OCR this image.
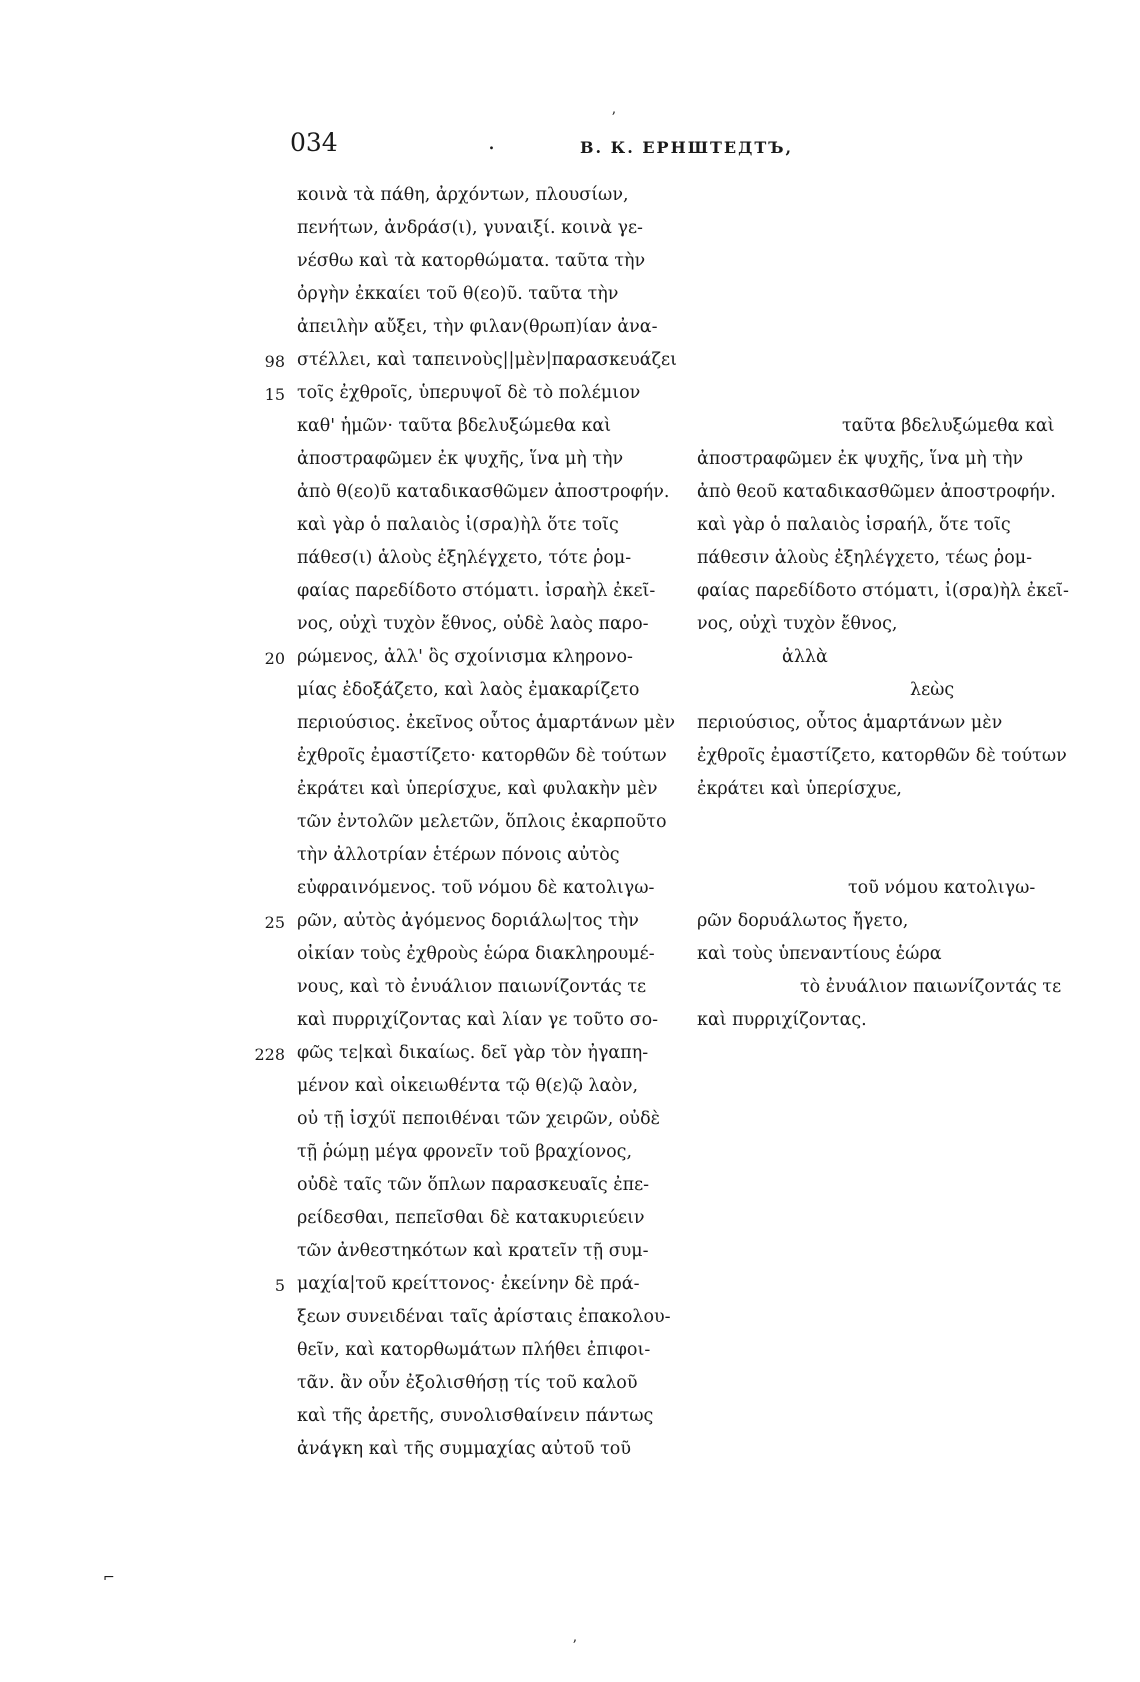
034	.	В. К. ЕРНШТЕДТЪ,
κοινὰ τὰ πάθη, ἀρχόντων, πλουσίων,
πενήτων, ἀνδράσ(ι), γυναιξί. κοινὰ γε-
νέσθω καὶ τὰ κατορθώματα. ταῦτα τὴν
ὀργὴν ἐκκαίει τοῦ θ(εο)ῦ. ταῦτα τὴν
ἀπειλὴν αὔξει, τὴν φιλαν(θρωπ)ίαν ἀνα-
98 στέλλει, καὶ ταπεινοὺς||μὲν|παρασκευάζει
15 τοῖς ἐχθροῖς, ὑπερυψοῖ δὲ τὸ πολέμιον
καθ' ἡμῶν· ταῦτα βδελυξώμεθα καὶ
ἀποστραφῶμεν ἐκ ψυχῆς, ἵνα μὴ τὴν
ἀπὸ θ(εο)ῦ καταδικασθῶμεν ἀποστροφήν.
καὶ γὰρ ὁ παλαιὸς ἰ(σρα)ὴλ ὅτε τοῖς
πάθεσ(ι) ἁλοὺς ἐξηλέγχετο, τότε ῥομ-
φαίας παρεδίδοτο στόματι. ἰσραὴλ ἐκεῖ-
νος, οὐχὶ τυχὸν ἔθνος, οὐδὲ λαὸς παρο-
20 ρώμενος, ἀλλ' ὃς σχοίνισμα κληρονο-
μίας ἐδοξάζετο, καὶ λαὸς ἐμακαρίζετο
περιούσιος. ἐκεῖνος οὗτος ἁμαρτάνων μὲν
ἐχθροῖς ἐμαστίζετο· κατορθῶν δὲ τούτων
ἐκράτει καὶ ὑπερίσχυε, καὶ φυλακὴν μὲν
τῶν ἐντολῶν μελετῶν, ὅπλοις ἐκαρποῦτο
τὴν ἀλλοτρίαν ἑτέρων πόνοις αὐτὸς
εὐφραινόμενος. τοῦ νόμου δὲ κατολιγω-
25 ρῶν, αὐτὸς ἀγόμενος δοριάλω|τος τὴν
οἰκίαν τοὺς ἐχθροὺς ἑώρα διακληρουμέ-
νους, καὶ τὸ ἐνυάλιον παιωνίζοντάς τε
καὶ πυρριχίζοντας καὶ λίαν γε τοῦτο σο-
228 φῶς τε|καὶ δικαίως. δεῖ γὰρ τὸν ἠγαπη-
μένον καὶ οἰκειωθέντα τῷ θ(ε)ῷ λαὸν,
οὐ τῇ ἰσχύϊ πεποιθέναι τῶν χειρῶν, οὐδὲ
τῇ ῥώμῃ μέγα φρονεῖν τοῦ βραχίονος,
οὐδὲ ταῖς τῶν ὅπλων παρασκευαῖς ἐπε-
ρείδεσθαι, πεπεῖσθαι δὲ κατακυριεύειν
τῶν ἀνθεστηκότων καὶ κρατεῖν τῇ συμ-
5 μαχία|τοῦ κρείττονος· ἐκείνην δὲ πρά-
ξεων συνειδέναι ταῖς ἀρίσταις ἐπακολου-
θεῖν, καὶ κατορθωμάτων πλήθει ἐπιφοι-
τᾶν. ἂν οὖν ἐξολισθήσῃ τίς τοῦ καλοῦ
καὶ τῆς ἀρετῆς, συνολισθαίνειν πάντως
ἀνάγκη καὶ τῆς συμμαχίας αὐτοῦ τοῦ
ταῦτα βδελυξώμεθα καὶ
ἀποστραφῶμεν ἐκ ψυχῆς, ἵνα μὴ τὴν
ἀπὸ θεοῦ καταδικασθῶμεν ἀποστροφήν.
καὶ γὰρ ὁ παλαιὸς ἰσραήλ, ὅτε τοῖς
πάθεσιν ἁλοὺς ἐξηλέγχετο, τέως ῥομ-
φαίας παρεδίδοτο στόματι, ἰ(σρα)ὴλ ἐκεῖ-
νος, οὐχὶ τυχὸν ἔθνος,
ἀλλὰ
λεὼς
περιούσιος, οὗτος ἁμαρτάνων μὲν
ἐχθροῖς ἐμαστίζετο, κατορθῶν δὲ τούτων
ἐκράτει καὶ ὑπερίσχυε,
τοῦ νόμου κατολιγω-
ρῶν δορυάλωτος ἤγετο,
καὶ τοὺς ὑπεναντίους ἑώρα
τὸ ἐνυάλιον παιωνίζοντάς τε
καὶ πυρριχίζοντας.
ʼ
⌐
ʼ
